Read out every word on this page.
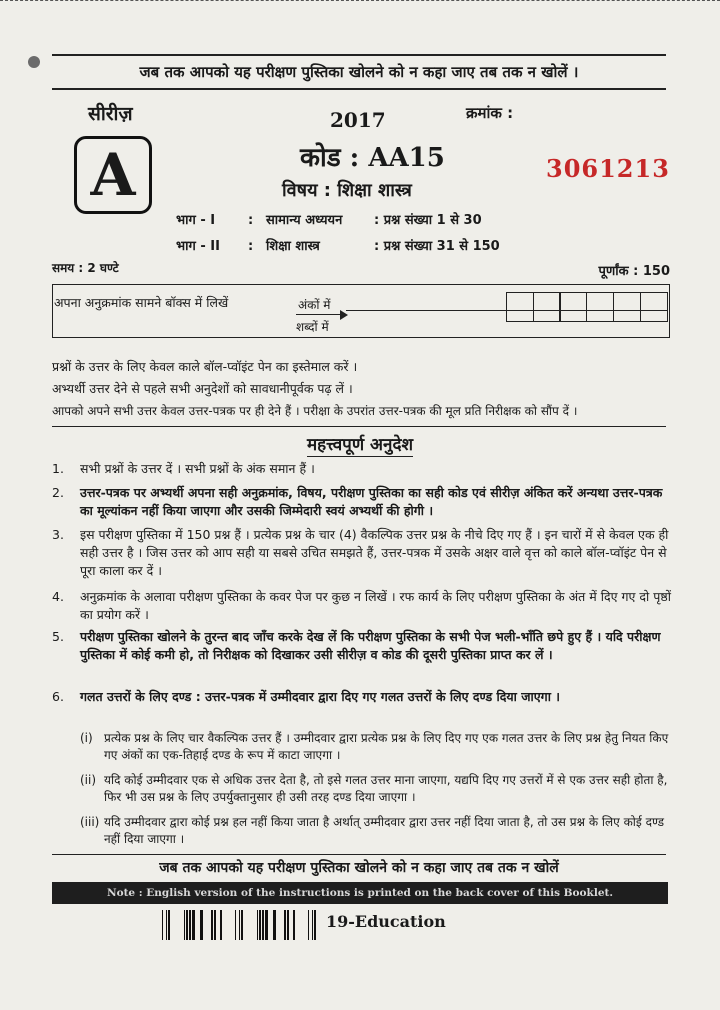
जब तक आपको यह परीक्षण पुस्तिका खोलने को न कहा जाए तब तक न खोलें ।
सीरीज़
A
2017	क्रमांक :
कोड : AA15	3061213
विषय : शिक्षा शास्त्र
भाग - I	: सामान्य अध्ययन : प्रश्न संख्या 1 से 30
भाग - II : शिक्षा शास्त्र	: प्रश्न संख्या 31 से 150
समय : 2 घण्टे	पूर्णांक : 150
अपना अनुक्रमांक सामने बॉक्स में लिखें	अंकों में
शब्दों में
प्रश्नों के उत्तर के लिए केवल काले बॉल-प्वॉइंट पेन का इस्तेमाल करें ।
अभ्यर्थी उत्तर देने से पहले सभी अनुदेशों को सावधानीपूर्वक पढ़ लें ।
आपको अपने सभी उत्तर केवल उत्तर-पत्रक पर ही देने हैं । परीक्षा के उपरांत उत्तर-पत्रक की मूल प्रति निरीक्षक को सौंप दें ।
महत्त्वपूर्ण अनुदेश
1. सभी प्रश्नों के उत्तर दें । सभी प्रश्नों के अंक समान हैं ।
2. उत्तर-पत्रक पर अभ्यर्थी अपना सही अनुक्रमांक, विषय, परीक्षण पुस्तिका का सही कोड एवं सीरीज़ अंकित करें अन्यथा उत्तर-पत्रक का मूल्यांकन नहीं किया जाएगा और उसकी जिम्मेदारी स्वयं अभ्यर्थी की होगी ।
3. इस परीक्षण पुस्तिका में 150 प्रश्न हैं । प्रत्येक प्रश्न के चार (4) वैकल्पिक उत्तर प्रश्न के नीचे दिए गए हैं । इन चारों में से केवल एक ही सही उत्तर है । जिस उत्तर को आप सही या सबसे उचित समझते हैं, उत्तर-पत्रक में उसके अक्षर वाले वृत्त को काले बॉल-प्वॉइंट पेन से पूरा काला कर दें ।
4. अनुक्रमांक के अलावा परीक्षण पुस्तिका के कवर पेज पर कुछ न लिखें । रफ कार्य के लिए परीक्षण पुस्तिका के अंत में दिए गए दो पृष्ठों का प्रयोग करें ।
5. परीक्षण पुस्तिका खोलने के तुरन्त बाद जाँच करके देख लें कि परीक्षण पुस्तिका के सभी पेज भली-भाँति छपे हुए हैं । यदि परीक्षण पुस्तिका में कोई कमी हो, तो निरीक्षक को दिखाकर उसी सीरीज़ व कोड की दूसरी पुस्तिका प्राप्त कर लें ।
6. गलत उत्तरों के लिए दण्ड : उत्तर-पत्रक में उम्मीदवार द्वारा दिए गए गलत उत्तरों के लिए दण्ड दिया जाएगा ।
(i) प्रत्येक प्रश्न के लिए चार वैकल्पिक उत्तर हैं । उम्मीदवार द्वारा प्रत्येक प्रश्न के लिए दिए गए एक गलत उत्तर के लिए प्रश्न हेतु नियत किए गए अंकों का एक-तिहाई दण्ड के रूप में काटा जाएगा ।
(ii) यदि कोई उम्मीदवार एक से अधिक उत्तर देता है, तो इसे गलत उत्तर माना जाएगा, यद्यपि दिए गए उत्तरों में से एक उत्तर सही होता है, फिर भी उस प्रश्न के लिए उपर्युक्तानुसार ही उसी तरह दण्ड दिया जाएगा ।
(iii) यदि उम्मीदवार द्वारा कोई प्रश्न हल नहीं किया जाता है अर्थात् उम्मीदवार द्वारा उत्तर नहीं दिया जाता है, तो उस प्रश्न के लिए कोई दण्ड नहीं दिया जाएगा ।
जब तक आपको यह परीक्षण पुस्तिका खोलने को न कहा जाए तब तक न खोलें
Note : English version of the instructions is printed on the back cover of this Booklet.
19-Education
